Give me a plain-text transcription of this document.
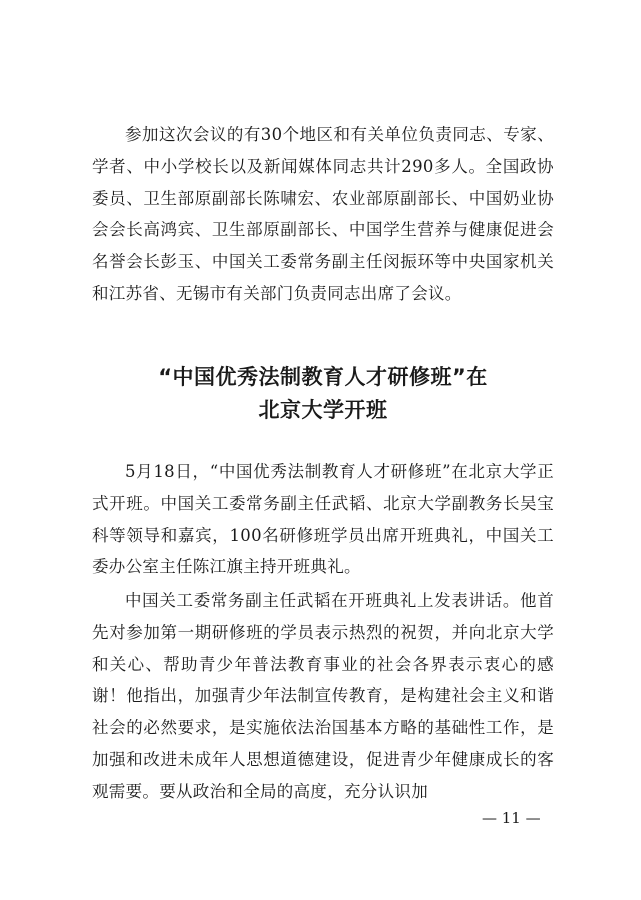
参加这次会议的有30个地区和有关单位负责同志、专家、学者、中小学校长以及新闻媒体同志共计290多人。全国政协委员、卫生部原副部长陈啸宏、农业部原副部长、中国奶业协会会长高鸿宾、卫生部原副部长、中国学生营养与健康促进会名誉会长彭玉、中国关工委常务副主任闵振环等中央国家机关和江苏省、无锡市有关部门负责同志出席了会议。

“中国优秀法制教育人才研修班”在
北京大学开班

5月18日，“中国优秀法制教育人才研修班”在北京大学正式开班。中国关工委常务副主任武韬、北京大学副教务长吴宝科等领导和嘉宾，100名研修班学员出席开班典礼，中国关工委办公室主任陈江旗主持开班典礼。

中国关工委常务副主任武韬在开班典礼上发表讲话。他首先对参加第一期研修班的学员表示热烈的祝贺，并向北京大学和关心、帮助青少年普法教育事业的社会各界表示衷心的感谢！他指出，加强青少年法制宣传教育，是构建社会主义和谐社会的必然要求，是实施依法治国基本方略的基础性工作，是加强和改进未成年人思想道德建设，促进青少年健康成长的客观需要。要从政治和全局的高度，充分认识加

— 11 —
